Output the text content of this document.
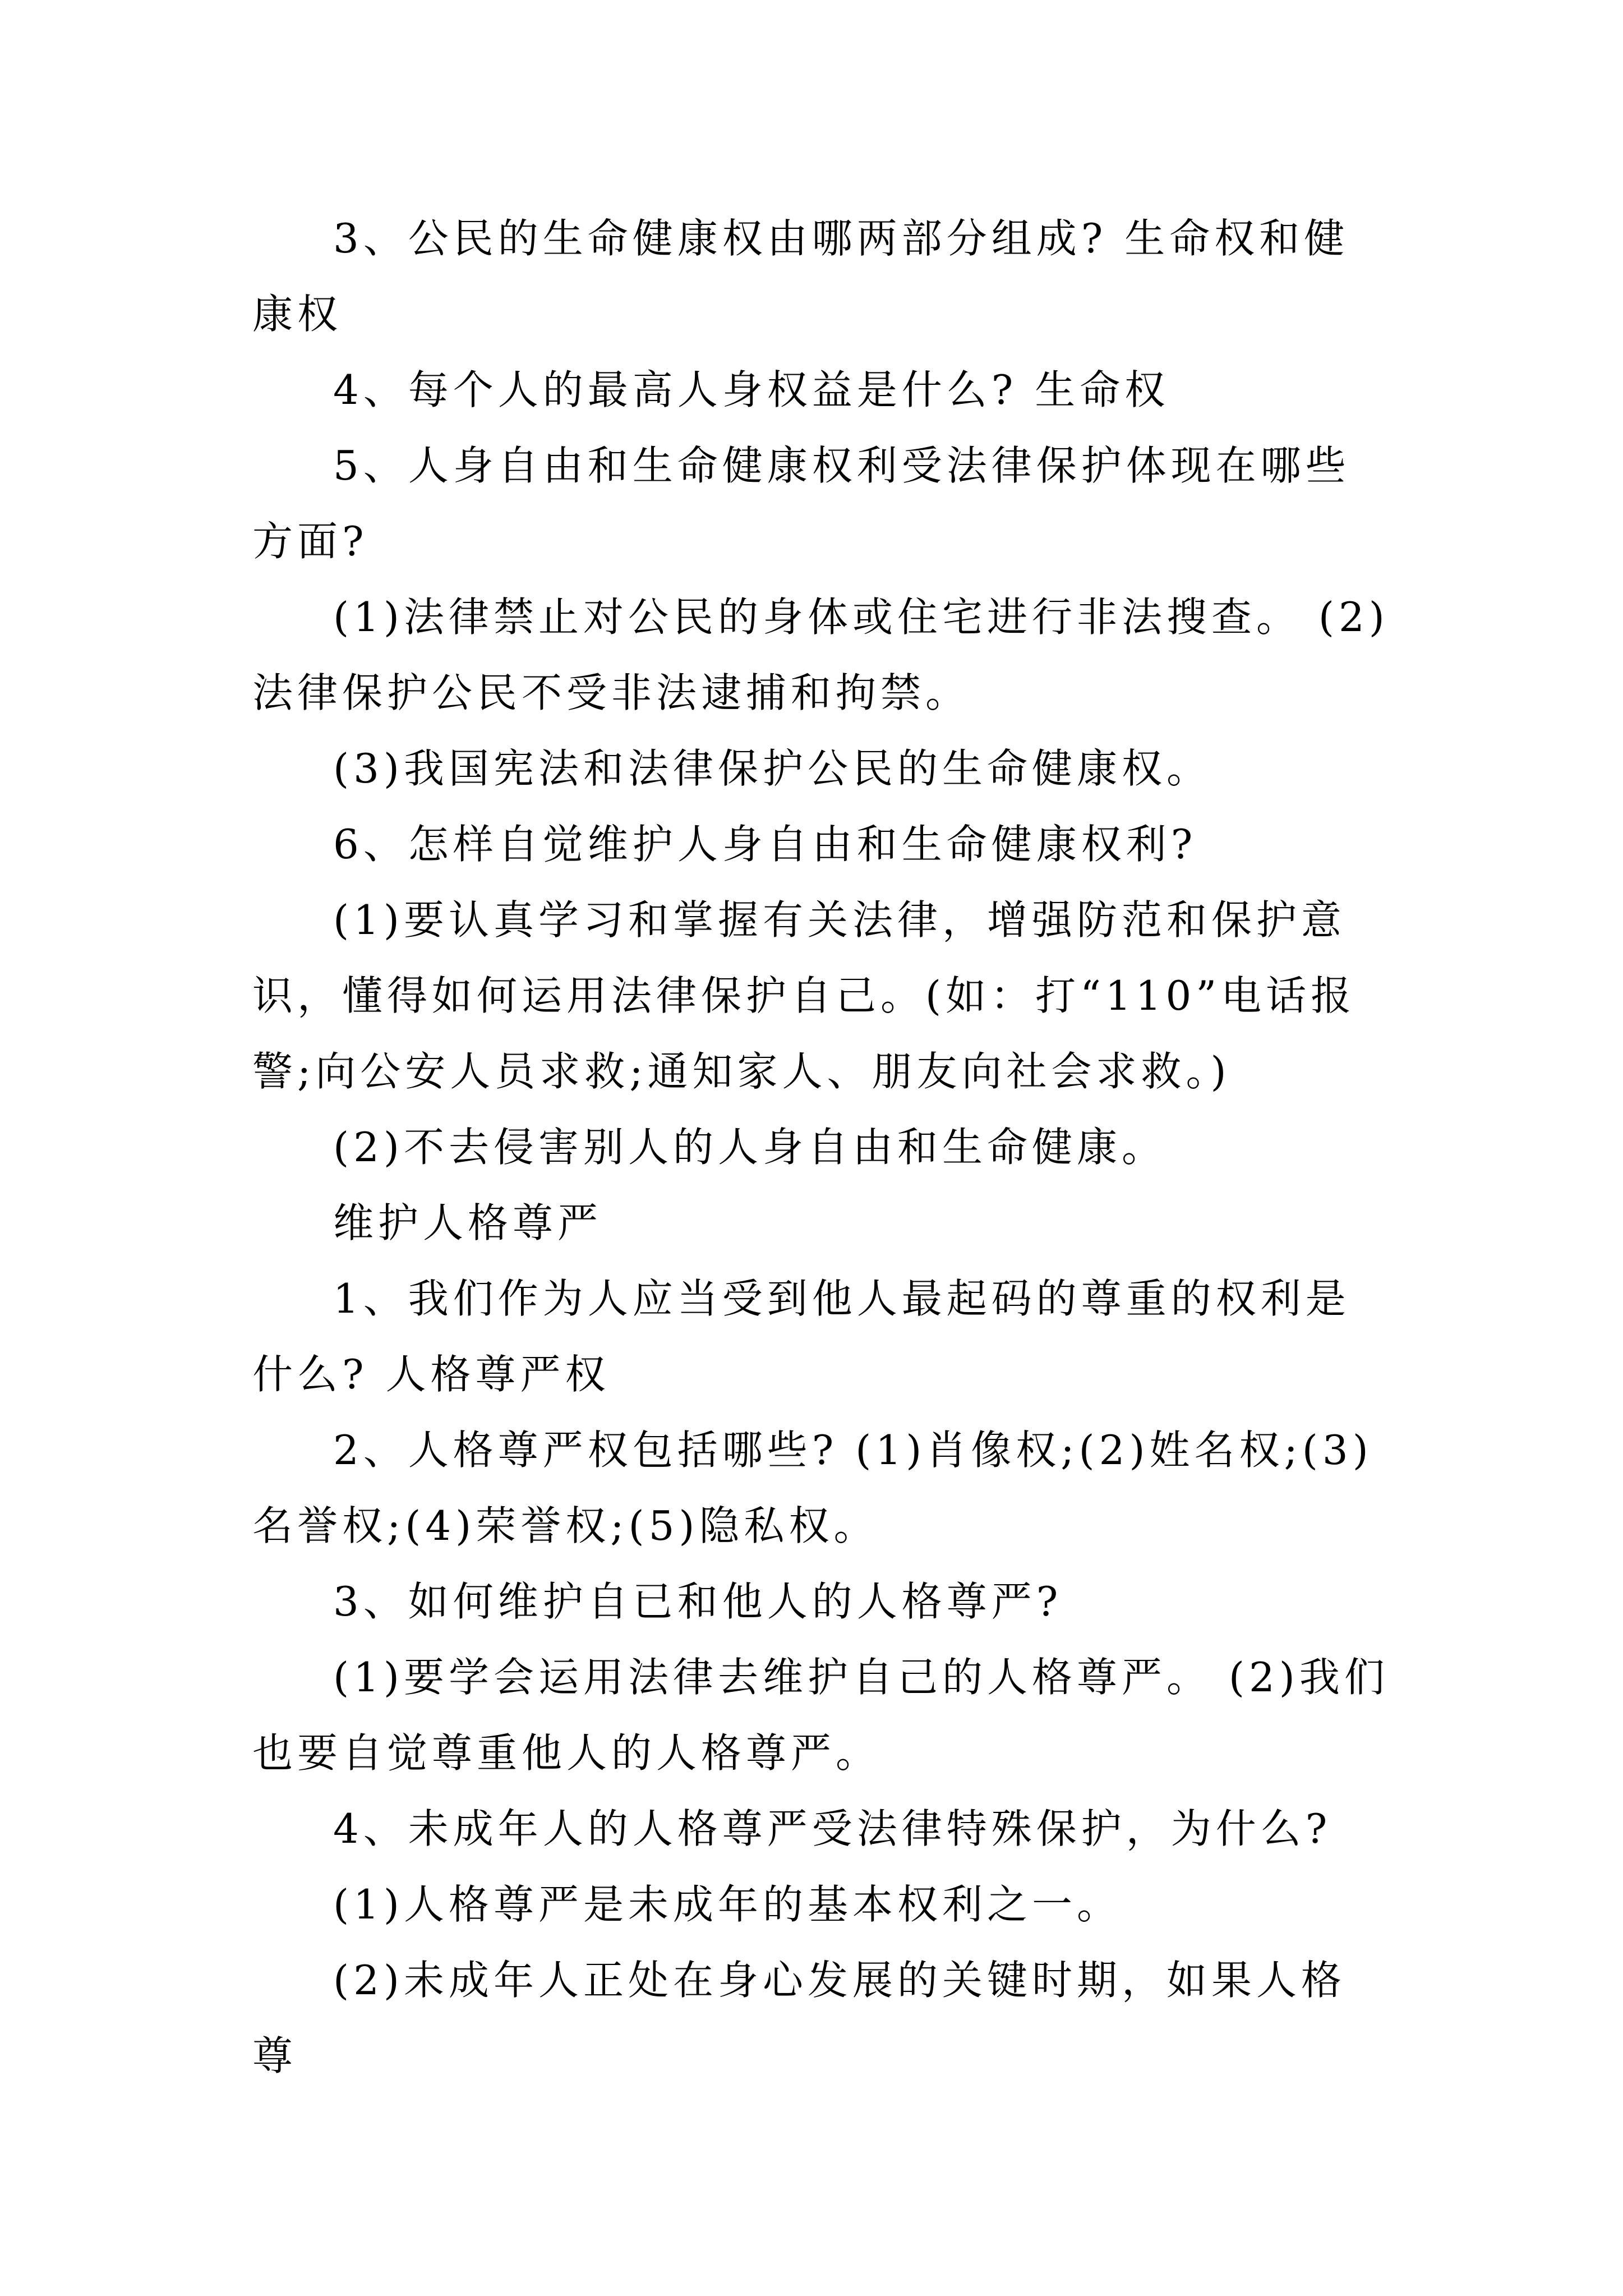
3、公民的生命健康权由哪两部分组成? 生命权和健康权

4、每个人的最高人身权益是什么? 生命权

5、人身自由和生命健康权利受法律保护体现在哪些方面?

(1)法律禁止对公民的身体或住宅进行非法搜查。 (2)法律保护公民不受非法逮捕和拘禁。

(3)我国宪法和法律保护公民的生命健康权。

6、怎样自觉维护人身自由和生命健康权利?

(1)要认真学习和掌握有关法律，增强防范和保护意识，懂得如何运用法律保护自己。(如：打“110”电话报警;向公安人员求救;通知家人、朋友向社会求救。)

(2)不去侵害别人的人身自由和生命健康。

维护人格尊严

1、我们作为人应当受到他人最起码的尊重的权利是什么? 人格尊严权

2、人格尊严权包括哪些? (1)肖像权;(2)姓名权;(3)名誉权;(4)荣誉权;(5)隐私权。

3、如何维护自已和他人的人格尊严?

(1)要学会运用法律去维护自己的人格尊严。 (2)我们也要自觉尊重他人的人格尊严。

4、未成年人的人格尊严受法律特殊保护，为什么?

(1)人格尊严是未成年的基本权利之一。

(2)未成年人正处在身心发展的关键时期，如果人格尊
